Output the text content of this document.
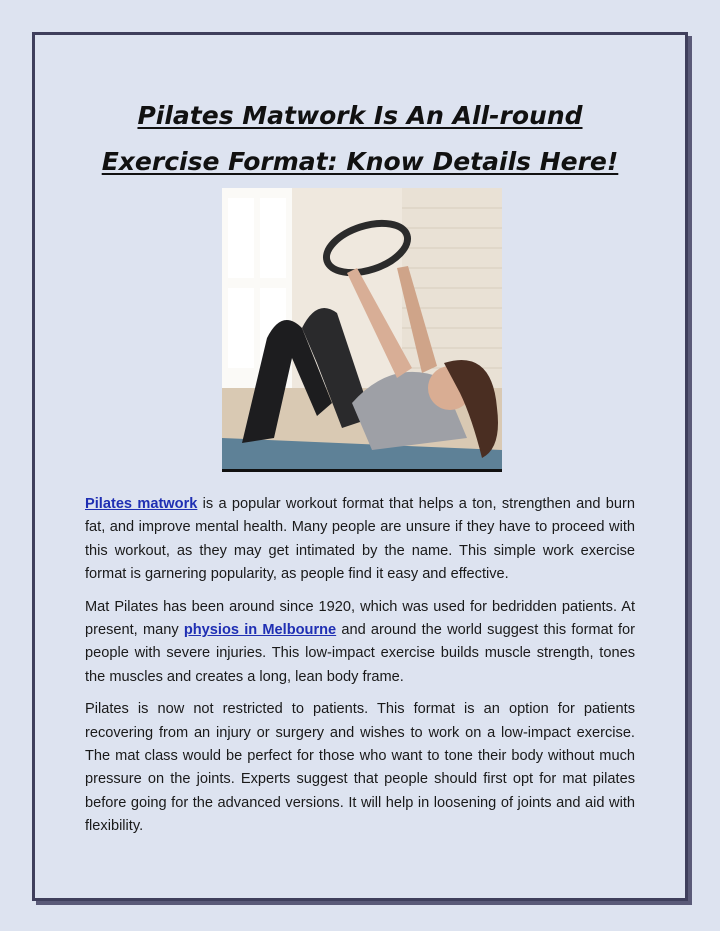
Pilates Matwork Is An All-round
Exercise Format: Know Details Here!

Pilates matwork is a popular workout format that helps a ton, strengthen and burn fat, and improve mental health. Many people are unsure if they have to proceed with this workout, as they may get intimated by the name. This simple work exercise format is garnering popularity, as people find it easy and effective.

Mat Pilates has been around since 1920, which was used for bedridden patients. At present, many physios in Melbourne and around the world suggest this format for people with severe injuries. This low-impact exercise builds muscle strength, tones the muscles and creates a long, lean body frame.

Pilates is now not restricted to patients. This format is an option for patients recovering from an injury or surgery and wishes to work on a low-impact exercise. The mat class would be perfect for those who want to tone their body without much pressure on the joints. Experts suggest that people should first opt for mat pilates before going for the advanced versions. It will help in loosening of joints and aid with flexibility.
